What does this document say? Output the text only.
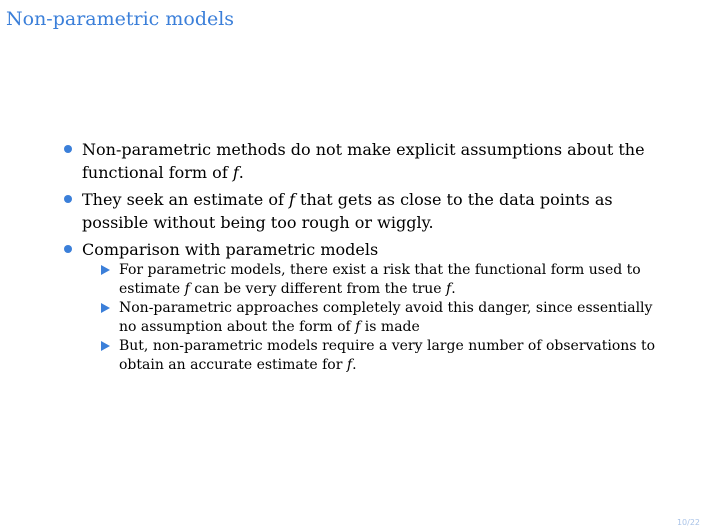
Non-parametric models
Non-parametric methods do not make explicit assumptions about the functional form of f.
They seek an estimate of f that gets as close to the data points as possible without being too rough or wiggly.
Comparison with parametric models
For parametric models, there exist a risk that the functional form used to estimate f can be very different from the true f.
Non-parametric approaches completely avoid this danger, since essentially no assumption about the form of f is made
But, non-parametric models require a very large number of observations to obtain an accurate estimate for f.
10/22
